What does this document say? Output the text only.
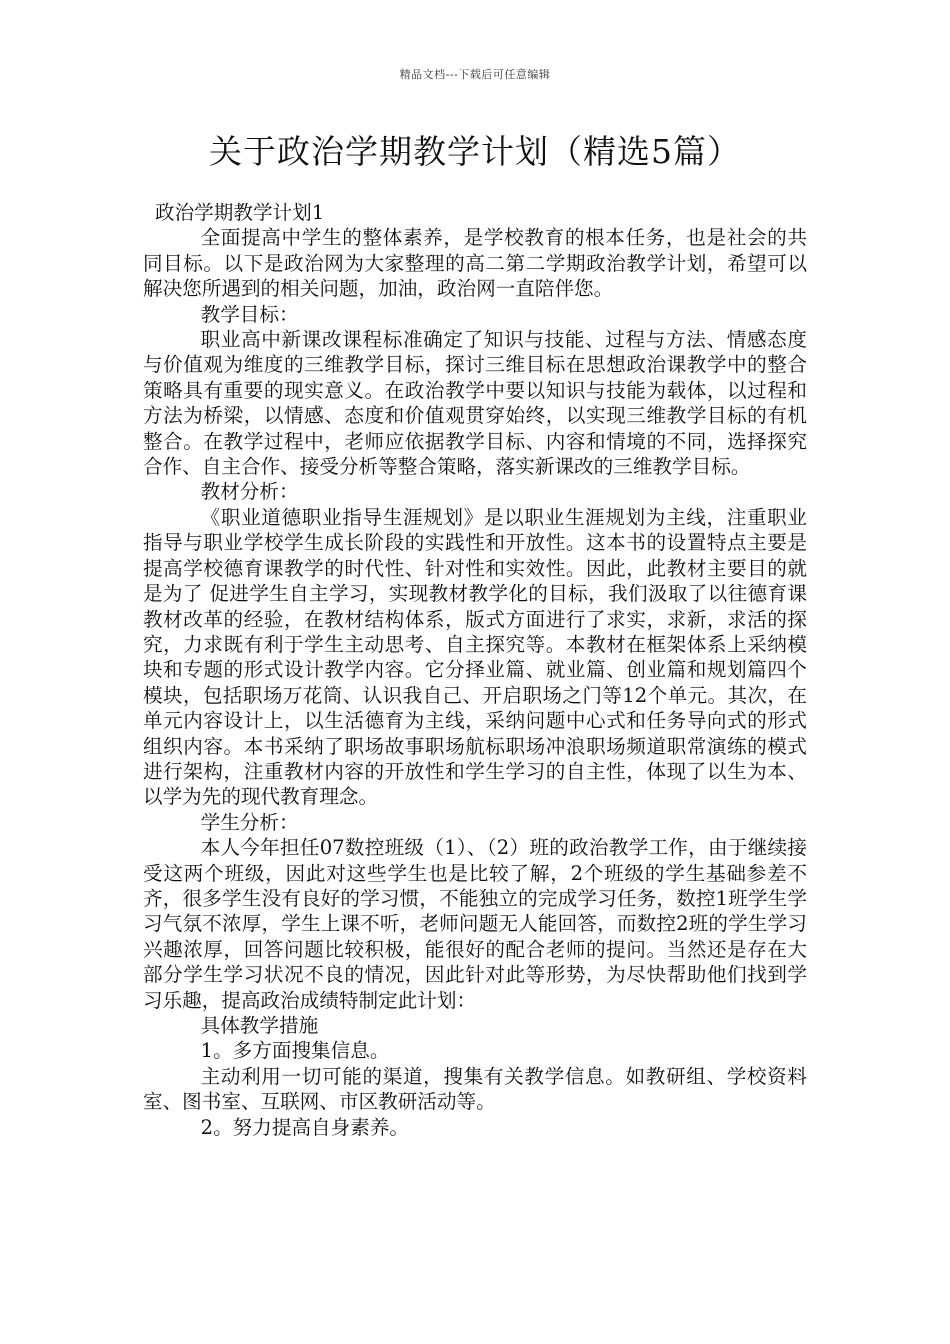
精品文档---下载后可任意编辑
关于政治学期教学计划（精选5篇）

政治学期教学计划1

全面提高中学生的整体素养，是学校教育的根本任务，也是社会的共同目标。以下是政治网为大家整理的高二第二学期政治教学计划，希望可以解决您所遇到的相关问题，加油，政治网一直陪伴您。

教学目标：

职业高中新课改课程标准确定了知识与技能、过程与方法、情感态度与价值观为维度的三维教学目标，探讨三维目标在思想政治课教学中的整合策略具有重要的现实意义。在政治教学中要以知识与技能为载体，以过程和方法为桥梁，以情感、态度和价值观贯穿始终，以实现三维教学目标的有机整合。在教学过程中，老师应依据教学目标、内容和情境的不同，选择探究合作、自主合作、接受分析等整合策略，落实新课改的三维教学目标。

教材分析：

《职业道德职业指导生涯规划》是以职业生涯规划为主线，注重职业指导与职业学校学生成长阶段的实践性和开放性。这本书的设置特点主要是提高学校德育课教学的时代性、针对性和实效性。因此，此教材主要目的就是为了 促进学生自主学习，实现教材教学化的目标，我们汲取了以往德育课教材改革的经验，在教材结构体系，版式方面进行了求实，求新，求活的探究，力求既有利于学生主动思考、自主探究等。本教材在框架体系上采纳模块和专题的形式设计教学内容。它分择业篇、就业篇、创业篇和规划篇四个模块，包括职场万花筒、认识我自己、开启职场之门等12个单元。其次，在单元内容设计上，以生活德育为主线，采纳问题中心式和任务导向式的形式组织内容。本书采纳了职场故事职场航标职场冲浪职场频道职常演练的模式进行架构，注重教材内容的开放性和学生学习的自主性，体现了以生为本、以学为先的现代教育理念。

学生分析：

本人今年担任07数控班级（1）、（2）班的政治教学工作，由于继续接受这两个班级，因此对这些学生也是比较了解，2个班级的学生基础参差不齐，很多学生没有良好的学习惯，不能独立的完成学习任务，数控1班学生学习气氛不浓厚，学生上课不听，老师问题无人能回答，而数控2班的学生学习兴趣浓厚，回答问题比较积极，能很好的配合老师的提问。当然还是存在大部分学生学习状况不良的情况，因此针对此等形势，为尽快帮助他们找到学习乐趣，提高政治成绩特制定此计划：

具体教学措施

1。多方面搜集信息。

主动利用一切可能的渠道，搜集有关教学信息。如教研组、学校资料室、图书室、互联网、市区教研活动等。

2。努力提高自身素养。
